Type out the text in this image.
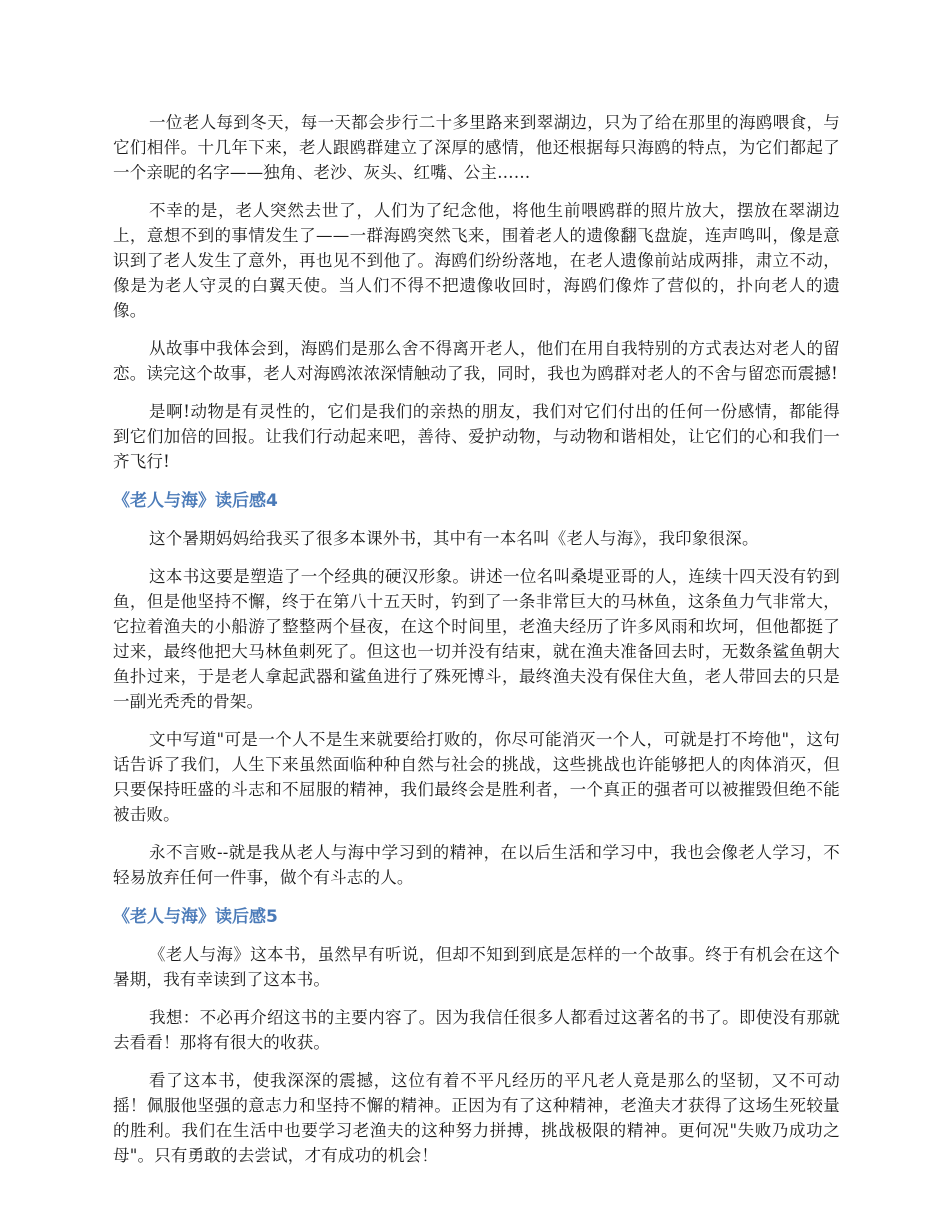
一位老人每到冬天，每一天都会步行二十多里路来到翠湖边，只为了给在那里的海鸥喂食，与它们相伴。十几年下来，老人跟鸥群建立了深厚的感情，他还根据每只海鸥的特点，为它们都起了一个亲昵的名字——独角、老沙、灰头、红嘴、公主……

不幸的是，老人突然去世了，人们为了纪念他，将他生前喂鸥群的照片放大，摆放在翠湖边上，意想不到的事情发生了——一群海鸥突然飞来，围着老人的遗像翻飞盘旋，连声鸣叫，像是意识到了老人发生了意外，再也见不到他了。海鸥们纷纷落地，在老人遗像前站成两排，肃立不动，像是为老人守灵的白翼天使。当人们不得不把遗像收回时，海鸥们像炸了营似的，扑向老人的遗像。

从故事中我体会到，海鸥们是那么舍不得离开老人，他们在用自我特别的方式表达对老人的留恋。读完这个故事，老人对海鸥浓浓深情触动了我，同时，我也为鸥群对老人的不舍与留恋而震撼!

是啊!动物是有灵性的，它们是我们的亲热的朋友，我们对它们付出的任何一份感情，都能得到它们加倍的回报。让我们行动起来吧，善待、爱护动物，与动物和谐相处，让它们的心和我们一齐飞行!

《老人与海》读后感4

这个暑期妈妈给我买了很多本课外书，其中有一本名叫《老人与海》，我印象很深。

这本书这要是塑造了一个经典的硬汉形象。讲述一位名叫桑堤亚哥的人，连续十四天没有钓到鱼，但是他坚持不懈，终于在第八十五天时，钓到了一条非常巨大的马林鱼，这条鱼力气非常大，它拉着渔夫的小船游了整整两个昼夜，在这个时间里，老渔夫经历了许多风雨和坎坷，但他都挺了过来，最终他把大马林鱼刺死了。但这也一切并没有结束，就在渔夫准备回去时，无数条鲨鱼朝大鱼扑过来，于是老人拿起武器和鲨鱼进行了殊死博斗，最终渔夫没有保住大鱼，老人带回去的只是一副光秃秃的骨架。

文中写道"可是一个人不是生来就要给打败的，你尽可能消灭一个人，可就是打不垮他"，这句话告诉了我们，人生下来虽然面临种种自然与社会的挑战，这些挑战也许能够把人的肉体消灭，但只要保持旺盛的斗志和不屈服的精神，我们最终会是胜利者，一个真正的强者可以被摧毁但绝不能被击败。

永不言败--就是我从老人与海中学习到的精神，在以后生活和学习中，我也会像老人学习，不轻易放弃任何一件事，做个有斗志的人。

《老人与海》读后感5

《老人与海》这本书，虽然早有听说，但却不知到到底是怎样的一个故事。终于有机会在这个暑期，我有幸读到了这本书。

我想：不必再介绍这书的主要内容了。因为我信任很多人都看过这著名的书了。即使没有那就去看看！那将有很大的收获。

看了这本书，使我深深的震撼，这位有着不平凡经历的平凡老人竟是那么的坚韧，又不可动摇！佩服他坚强的意志力和坚持不懈的精神。正因为有了这种精神，老渔夫才获得了这场生死较量的胜利。我们在生活中也要学习老渔夫的这种努力拼搏，挑战极限的精神。更何况"失败乃成功之母"。只有勇敢的去尝试，才有成功的机会！
